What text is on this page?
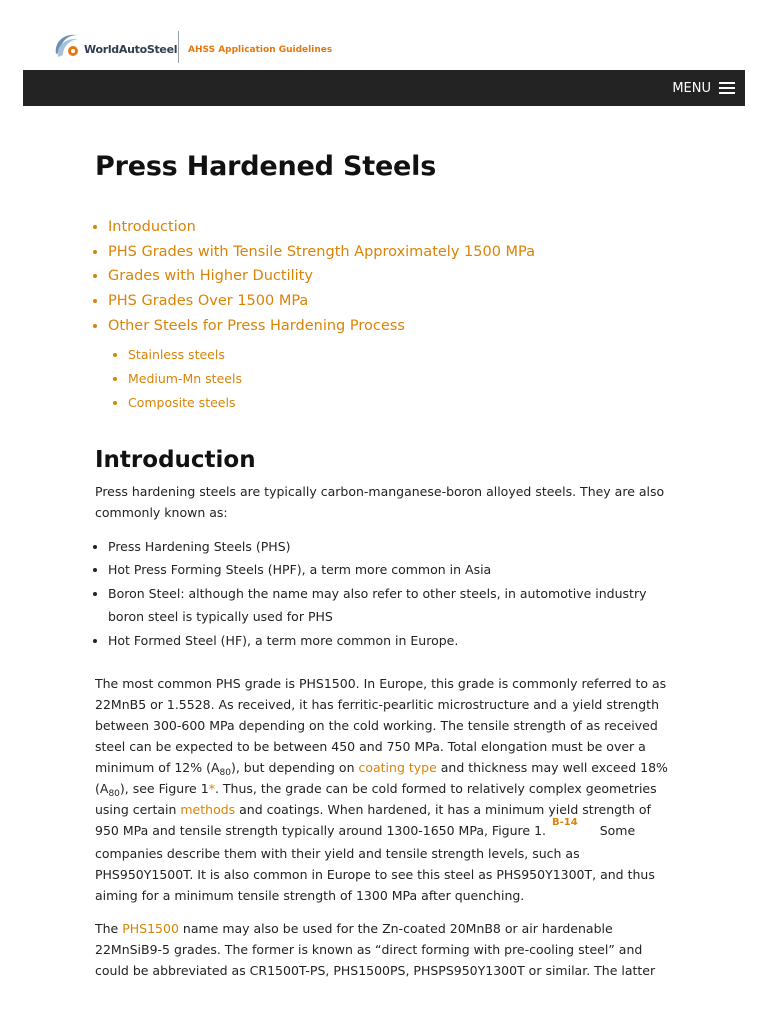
WorldAutoSteel AHSS Application Guidelines
MENU
Press Hardened Steels
• Introduction
• PHS Grades with Tensile Strength Approximately 1500 MPa
• Grades with Higher Ductility
• PHS Grades Over 1500 MPa
• Other Steels for Press Hardening Process
• Stainless steels
• Medium-Mn steels
• Composite steels
Introduction

Press hardening steels are typically carbon-manganese-boron alloyed steels. They are also commonly known as:

• Press Hardening Steels (PHS)
• Hot Press Forming Steels (HPF), a term more common in Asia
• Boron Steel: although the name may also refer to other steels, in automotive industry boron steel is typically used for PHS
• Hot Formed Steel (HF), a term more common in Europe.

The most common PHS grade is PHS1500. In Europe, this grade is commonly referred to as 22MnB5 or 1.5528. As received, it has ferritic-pearlitic microstructure and a yield strength between 300-600 MPa depending on the cold working. The tensile strength of as received steel can be expected to be between 450 and 750 MPa. Total elongation must be over a minimum of 12% $(A_{80})$, but depending on coating type and thickness may well exceed 18% $(A_{80})$, see Figure 1*. Thus, the grade can be cold formed to relatively complex geometries using certain methods and coatings. When hardened, it has a minimum yield strength of 950 MPa and tensile strength typically around 1300-1650 MPa, Figure 1.$^{B-14}$Some companies describe them with their yield and tensile strength levels, such as PHS950Y1500T. It is also common in Europe to see this steel as PHS950Y1300T, and thus aiming for a minimum tensile strength of 1300 MPa after quenching.

The PHS1500 name may also be used for the Zn-coated 20MnB8 or air hardenable 22MnSiB9-5 grades. The former is known as “direct forming with pre-cooling steel” and could be abbreviated as CR1500T-PS, PHS1500PS, PHSPS950Y1300T or similar. The latter
